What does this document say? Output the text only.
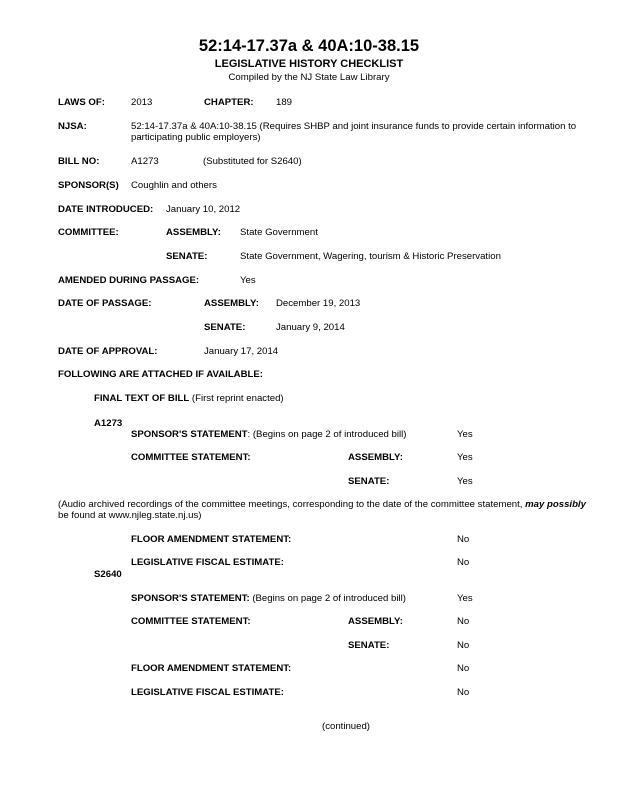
52:14-17.37a & 40A:10-38.15
LEGISLATIVE HISTORY CHECKLIST
Compiled by the NJ State Law Library
LAWS OF:	2013	CHAPTER: 189
NJSA:	52:14-17.37a & 40A:10-38.15 (Requires SHBP and joint insurance funds to provide certain information to
participating public employers)
BILL NO:	A1273	(Substituted for S2640)
SPONSOR(S) Coughlin and others
DATE INTRODUCED: January 10, 2012
COMMITTEE:	ASSEMBLY: State Government
SENATE:	State Government, Wagering, tourism & Historic Preservation
AMENDED DURING PASSAGE:	Yes
DATE OF PASSAGE:	ASSEMBLY: December 19, 2013
SENATE:	January 9, 2014
DATE OF APPROVAL:	January 17, 2014
FOLLOWING ARE ATTACHED IF AVAILABLE:
FINAL TEXT OF BILL (First reprint enacted)
A1273
SPONSOR'S STATEMENT: (Begins on page 2 of introduced bill)	Yes
COMMITTEE STATEMENT:	ASSEMBLY:	Yes
SENATE:	Yes
(Audio archived recordings of the committee meetings, corresponding to the date of the committee statement, may possibly
be found at www.njleg.state.nj.us)
FLOOR AMENDMENT STATEMENT:	No
LEGISLATIVE FISCAL ESTIMATE:	No
S2640
SPONSOR'S STATEMENT: (Begins on page 2 of introduced bill)	Yes
COMMITTEE STATEMENT:	ASSEMBLY:	No
SENATE:	No
FLOOR AMENDMENT STATEMENT:	No
LEGISLATIVE FISCAL ESTIMATE:	No
(continued)
